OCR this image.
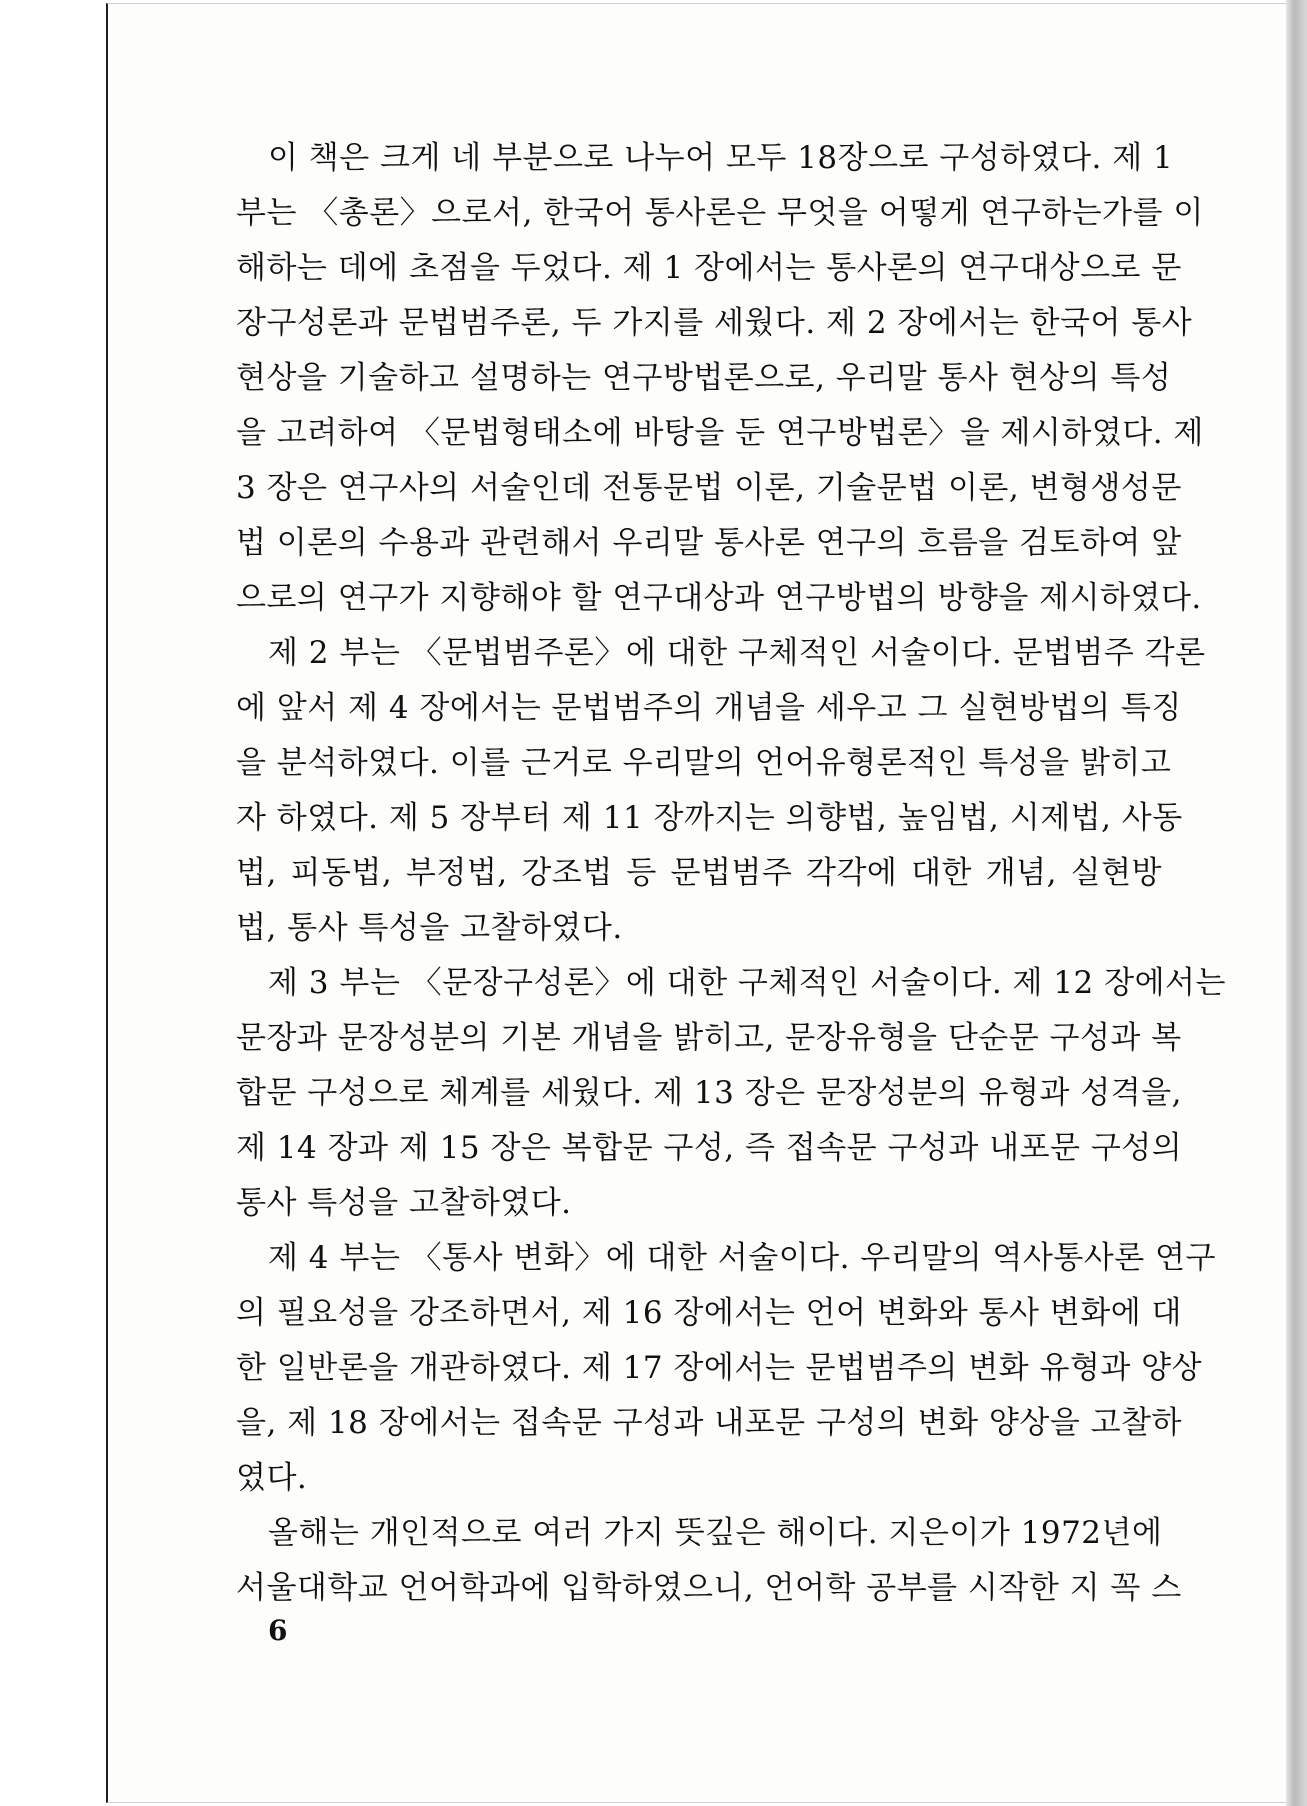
이 책은 크게 네 부분으로 나누어 모두 18장으로 구성하였다. 제 1
부는 〈총론〉으로서, 한국어 통사론은 무엇을 어떻게 연구하는가를 이
해하는 데에 초점을 두었다. 제 1 장에서는 통사론의 연구대상으로 문
장구성론과 문법범주론, 두 가지를 세웠다. 제 2 장에서는 한국어 통사
현상을 기술하고 설명하는 연구방법론으로, 우리말 통사 현상의 특성
을 고려하여 〈문법형태소에 바탕을 둔 연구방법론〉을 제시하였다. 제
3 장은 연구사의 서술인데 전통문법 이론, 기술문법 이론, 변형생성문
법 이론의 수용과 관련해서 우리말 통사론 연구의 흐름을 검토하여 앞
으로의 연구가 지향해야 할 연구대상과 연구방법의 방향을 제시하였다.
제 2 부는 〈문법범주론〉에 대한 구체적인 서술이다. 문법범주 각론
에 앞서 제 4 장에서는 문법범주의 개념을 세우고 그 실현방법의 특징
을 분석하였다. 이를 근거로 우리말의 언어유형론적인 특성을 밝히고
자 하였다. 제 5 장부터 제 11 장까지는 의향법, 높임법, 시제법, 사동
법, 피동법, 부정법, 강조법 등 문법범주 각각에 대한 개념, 실현방
법, 통사 특성을 고찰하였다.
제 3 부는 〈문장구성론〉에 대한 구체적인 서술이다. 제 12 장에서는
문장과 문장성분의 기본 개념을 밝히고, 문장유형을 단순문 구성과 복
합문 구성으로 체계를 세웠다. 제 13 장은 문장성분의 유형과 성격을,
제 14 장과 제 15 장은 복합문 구성, 즉 접속문 구성과 내포문 구성의
통사 특성을 고찰하였다.
제 4 부는 〈통사 변화〉에 대한 서술이다. 우리말의 역사통사론 연구
의 필요성을 강조하면서, 제 16 장에서는 언어 변화와 통사 변화에 대
한 일반론을 개관하였다. 제 17 장에서는 문법범주의 변화 유형과 양상
을, 제 18 장에서는 접속문 구성과 내포문 구성의 변화 양상을 고찰하
였다.
올해는 개인적으로 여러 가지 뜻깊은 해이다. 지은이가 1972년에
서울대학교 언어학과에 입학하였으니, 언어학 공부를 시작한 지 꼭 스
6
